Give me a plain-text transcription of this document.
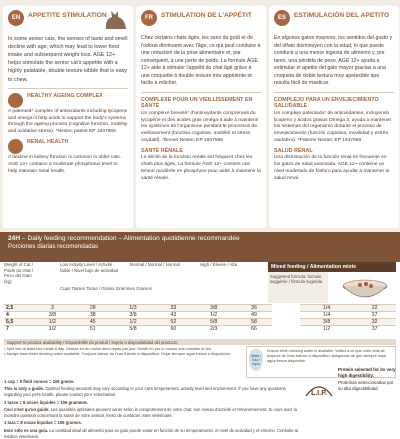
EN	APPETITE STIMULATION
In some senior cats, the senses of taste and smell decline with age, which may lead to lower food intake and subsequent weight loss. AGE 12+ helps stimulate the senior cat's appetite with a highly palatable, double texture kibble that is easy to chew.
HEALTHY AGEING COMPLEX
A patented* complex of antioxidants including lycopene and omega-3 fatty acids to support the body's systems through the ageing process (cognitive function, mobility and oxidative stress). *Nestec patent EP 1947966
RENAL HEALTH
A decline in kidney function is common in older cats. AGE 12+ contains a moderate phosphorus level to help maintain renal health.
FR	STIMULATION DE L'APPÉTIT
Chez certains chats âgés, les sens du goût et de l'odorat diminuent avec l'âge, ce qui peut conduire à une réduction de la prise alimentaire et, par conséquent, à une perte de poids. La formule ÂGE 12+ aide à stimuler l'appétit du chat âgé grâce à une croquette à double texture très appétente et facile à mâcher.
COMPLEXE POUR UN VIEILLISSEMENT EN SANTÉ
Un complexe breveté* d'antioxydants comprenant du lycopène et des acides gras oméga-3 aide à maintenir les systèmes de l'organisme pendant le processus de vieillissement (fonction cognitive, mobilité et stress oxydatif). *Brevet Nestec EP 1947966
SANTÉ RÉNALE
Le déclin de la fonction rénale est fréquent chez les chats plus âgés. La formule ÂGE 12+ contient une teneur modérée en phosphore pour aider à maintenir la santé rénale.
ES	ESTIMULACIÓN DEL APETITO
En algunos gatos mayores, los sentidos del gusto y del olfato disminuyen con la edad, lo que puede conducir a una menor ingesta de alimento y, por tanto, una pérdida de peso. AGE 12+ ayuda a estimular el apetito del gato mayor gracias a una croqueta de doble textura muy apetecible que resulta fácil de masticar.
COMPLEJO PARA UN ENVEJECIMIENTO SALUDABLE
Un complejo patentado* de antioxidantes, incluyendo licopeno y ácidos grasos Omega 3, ayuda a mantener los sistemas del organismo durante el proceso de envejecimiento (función cognitiva, movilidad y estrés oxidativo). *Patente Nestec EP 1947966
SALUD RENAL
Una disminución de la función renal es frecuente en los gatos de edad avanzada. AGE 12+ contiene un nivel moderado de fósforo para ayudar a mantener la salud renal.
24H – Daily feeding recommendation – Alimentation quotidienne recommandée
Porciones diarias recomendadas
Weight of Cat / Poids du chat / Peso del Gato (kg)
Low Activity Level / Activité faible / Nivel bajo de actividad
Normal / Normal / Normal	High / Élevée / Alta
Cups Tasses Tazas / Grams Grammes Gramos
Mixed feeding / Alimentation mixte
Suggested formula: formule suggérée / fórmula sugerida
2,5	3	28	1/3	33	3/8	36
4	3/8	38	3/8	43	1/2	49
5,5	1/2	45	1/2	52	5/8	58
7	1/2	51	5/8	60	2/3	66
1/4	22
1/4	27
3/8	32
1/2	37
Support to product availability / Disponibilité du produit / Sujeto a disponibilidad del producto
• Split into at least two meals a day. Divisez en au moins deux repas par jour. Dividir en por lo menos dos comidas al día.
• Always have fresh drinking water available. Toujours laisser de l'eau fraîche à disposition. Dejar siempre agua fresca a disposición.	Water / Eau / Agua
Ensure fresh drinking water is available. Veillez à ce que votre chat ait toujours de l'eau fraîche à disposition. Asegúrese de que siempre haya agua fresca disponible.

1 cup = 8 fluid ounces = 106 grams.

This is only a guide. Optimal feeding amounts may vary according to your cat's temperament, activity level and environment. If you have any questions regarding your pet's health, please contact your veterinarian.

1 tasse = 8 onces liquides = 106 grammes.

Ceci n'est qu'un guide. Les quantités optimales peuvent varier selon le comportement de votre chat, son niveau d'activité et l'environnement. Si vous avez la moindre question concernant la santé de votre animal, merci de contacter votre vétérinaire.

1 taza = 8 onzas líquidas = 106 gramos.

Esto sólo es una guía. La cantidad ideal de alimento para su gato puede variar en función de su temperamento, el nivel de actividad y el entorno. Consulte al médico veterinario.

L.I.P.

Protein selected for its very high digestibility.

Proteínas seleccionadas por su alta digestibilidad.
